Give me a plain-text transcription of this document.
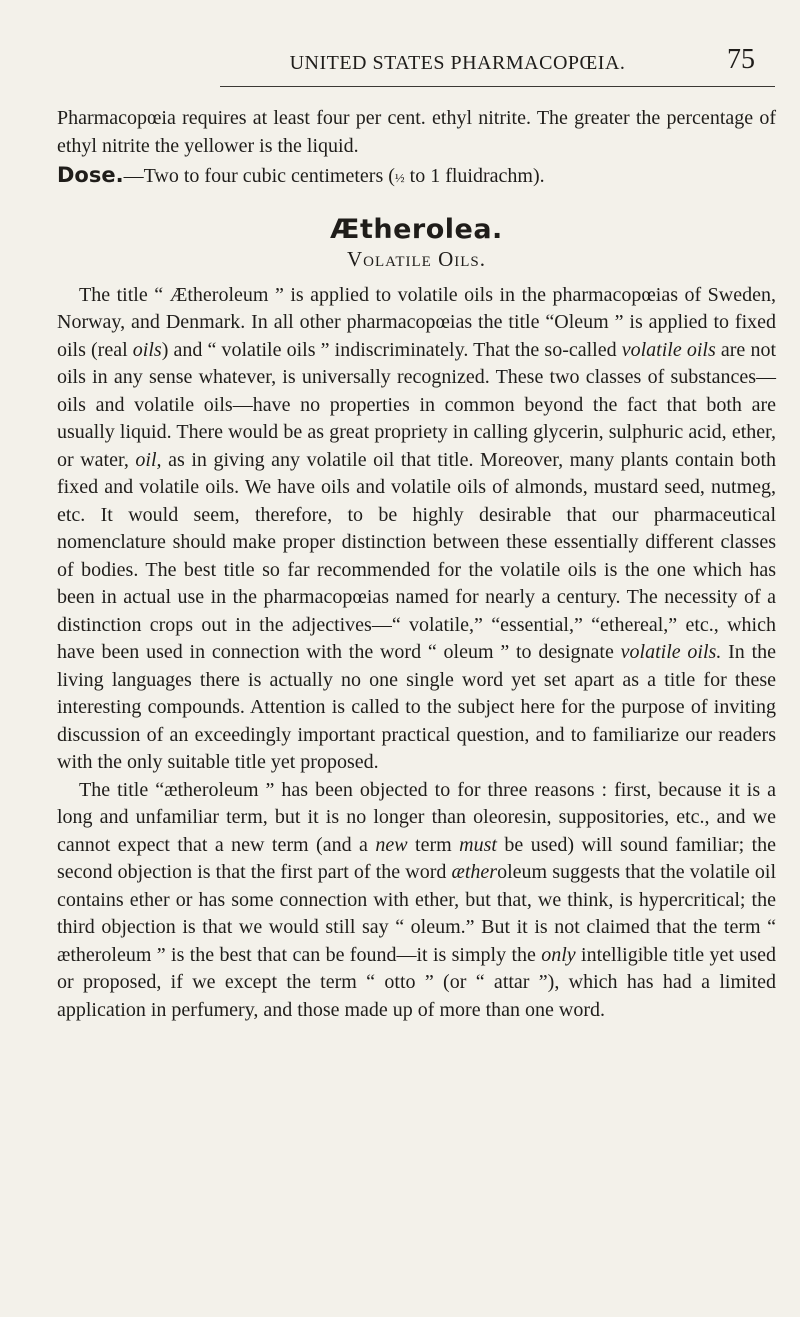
UNITED STATES PHARMACOPŒIA.	75

Pharmacopœia requires at least four per cent. ethyl nitrite. The greater the percentage of ethyl nitrite the yellower is the liquid.

Dose.—Two to four cubic centimeters (½ to 1 fluidrachm).

Ætherolea.
Volatile Oils.

The title “ Ætheroleum ” is applied to volatile oils in the pharmacopœias of Sweden, Norway, and Denmark. In all other pharmacopœias the title “Oleum ” is applied to fixed oils (real oils) and “ volatile oils ” indiscriminately. That the so-called volatile oils are not oils in any sense whatever, is universally recognized. These two classes of substances—oils and volatile oils—have no properties in common beyond the fact that both are usually liquid. There would be as great propriety in calling glycerin, sulphuric acid, ether, or water, oil, as in giving any volatile oil that title. Moreover, many plants contain both fixed and volatile oils. We have oils and volatile oils of almonds, mustard seed, nutmeg, etc. It would seem, therefore, to be highly desirable that our pharmaceutical nomenclature should make proper distinction between these essentially different classes of bodies. The best title so far recommended for the volatile oils is the one which has been in actual use in the pharmacopœias named for nearly a century. The necessity of a distinction crops out in the adjectives—“ volatile,” “essential,” “ethereal,” etc., which have been used in connection with the word “ oleum ” to designate volatile oils. In the living languages there is actually no one single word yet set apart as a title for these interesting compounds. Attention is called to the subject here for the purpose of inviting discussion of an exceedingly important practical question, and to familiarize our readers with the only suitable title yet proposed.

The title “ætheroleum ” has been objected to for three reasons : first, because it is a long and unfamiliar term, but it is no longer than oleoresin, suppositories, etc., and we cannot expect that a new term (and a new term must be used) will sound familiar; the second objection is that the first part of the word ætheroleum suggests that the volatile oil contains ether or has some connection with ether, but that, we think, is hypercritical; the third objection is that we would still say “ oleum.” But it is not claimed that the term “ ætheroleum ” is the best that can be found—it is simply the only intelligible title yet used or proposed, if we except the term “ otto ” (or “ attar ”), which has had a limited application in perfumery, and those made up of more than one word.
